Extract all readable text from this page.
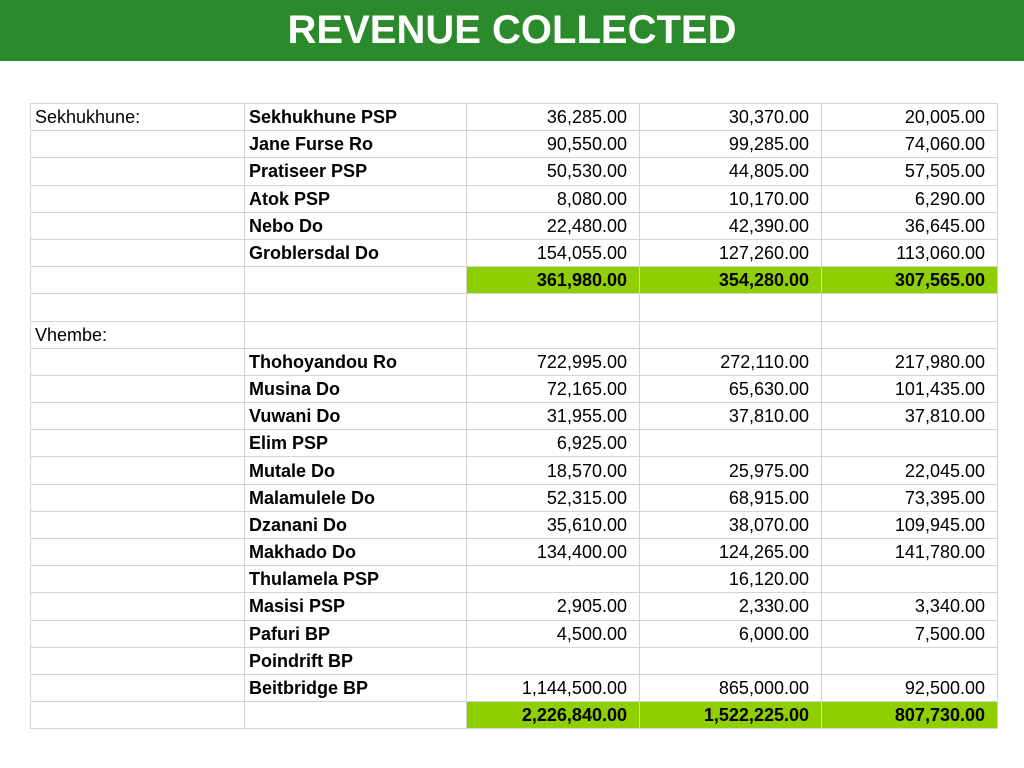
REVENUE COLLECTED
Sekhukhune:	Sekhukhune PSP	36,285.00	30,370.00	20,005.00
	Jane Furse Ro	90,550.00	99,285.00	74,060.00
	Pratiseer PSP	50,530.00	44,805.00	57,505.00
	Atok PSP	8,080.00	10,170.00	6,290.00
	Nebo Do	22,480.00	42,390.00	36,645.00
	Groblersdal Do	154,055.00	127,260.00	113,060.00
		361,980.00	354,280.00	307,565.00

Vhembe:				
	Thohoyandou Ro	722,995.00	272,110.00	217,980.00
	Musina Do	72,165.00	65,630.00	101,435.00
	Vuwani Do	31,955.00	37,810.00	37,810.00
	Elim PSP	6,925.00		
	Mutale Do	18,570.00	25,975.00	22,045.00
	Malamulele Do	52,315.00	68,915.00	73,395.00
	Dzanani Do	35,610.00	38,070.00	109,945.00
	Makhado Do	134,400.00	124,265.00	141,780.00
	Thulamela PSP		16,120.00	
	Masisi PSP	2,905.00	2,330.00	3,340.00
	Pafuri BP	4,500.00	6,000.00	7,500.00
	Poindrift BP			
	Beitbridge BP	1,144,500.00	865,000.00	92,500.00
		2,226,840.00	1,522,225.00	807,730.00
